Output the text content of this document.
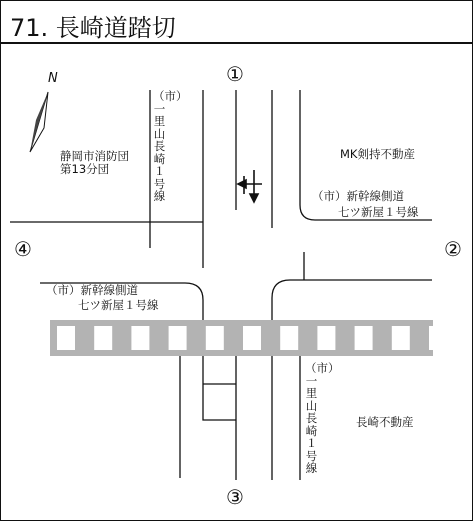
71. 長崎道踏切
N	①
②
③
④
静岡市消防団
第13分団
MK剣持不動産
長崎不動産
（市）新幹線側道
七ツ新屋１号線
（市）新幹線側道
七ツ新屋１号線
（市）一里山長崎１号線
（市）一里山長崎１号線
